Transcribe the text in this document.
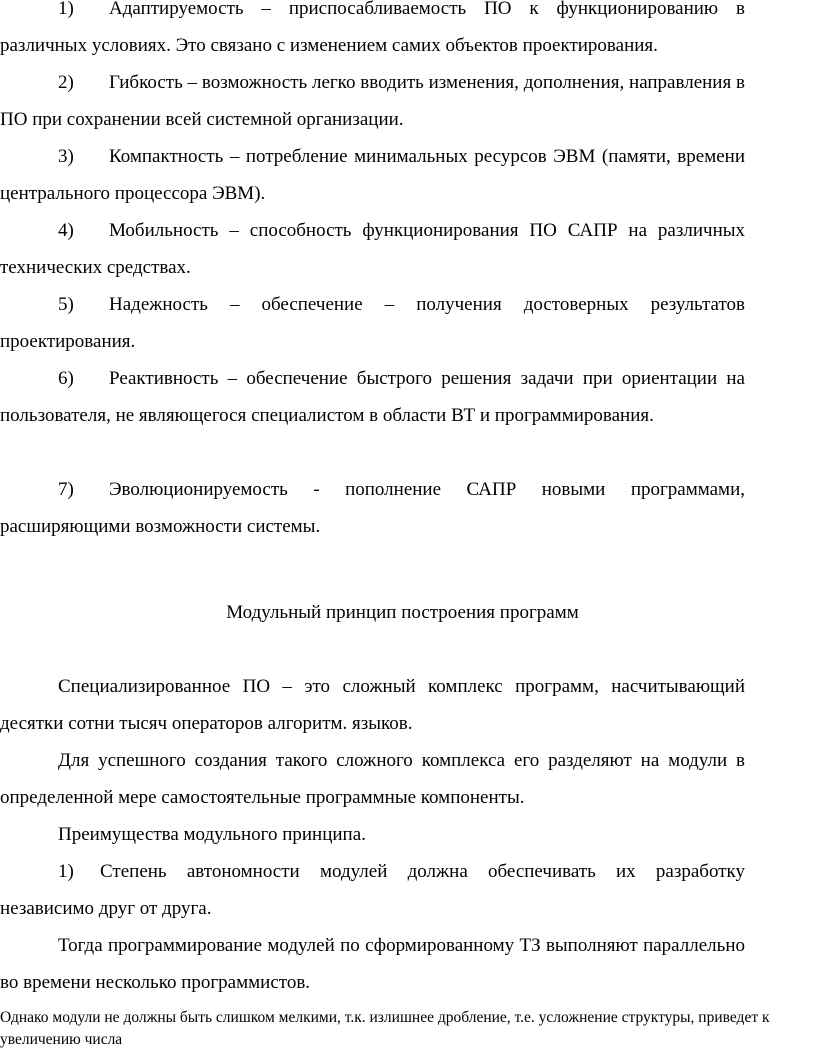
1) Адаптируемость – приспосабливаемость ПО к функционированию в различных условиях. Это связано с изменением самих объектов проектирования.

2) Гибкость – возможность легко вводить изменения, дополнения, направления в ПО при сохранении всей системной организации.

3) Компактность – потребление минимальных ресурсов ЭВМ (памяти, времени центрального процессора ЭВМ).

4) Мобильность – способность функционирования ПО САПР на различных технических средствах.

5) Надежность – обеспечение – получения достоверных результатов проектирования.

6) Реактивность – обеспечение быстрого решения задачи при ориентации на пользователя, не являющегося специалистом в области ВТ и программирования.

7) Эволюционируемость - пополнение САПР новыми программами, расширяющими возможности системы.

Модульный принцип построения программ

Специализированное ПО – это сложный комплекс программ, насчитывающий десятки сотни тысяч операторов алгоритм. языков.

Для успешного создания такого сложного комплекса его разделяют на модули в определенной мере самостоятельные программные компоненты.

Преимущества модульного принципа.

1) Степень автономности модулей должна обеспечивать их разработку независимо друг от друга.

Тогда программирование модулей по сформированному ТЗ выполняют параллельно во времени несколько программистов.

Однако модули не должны быть слишком мелкими, т.к. излишнее дробление, т.е. усложнение структуры, приведет к увеличению числа
